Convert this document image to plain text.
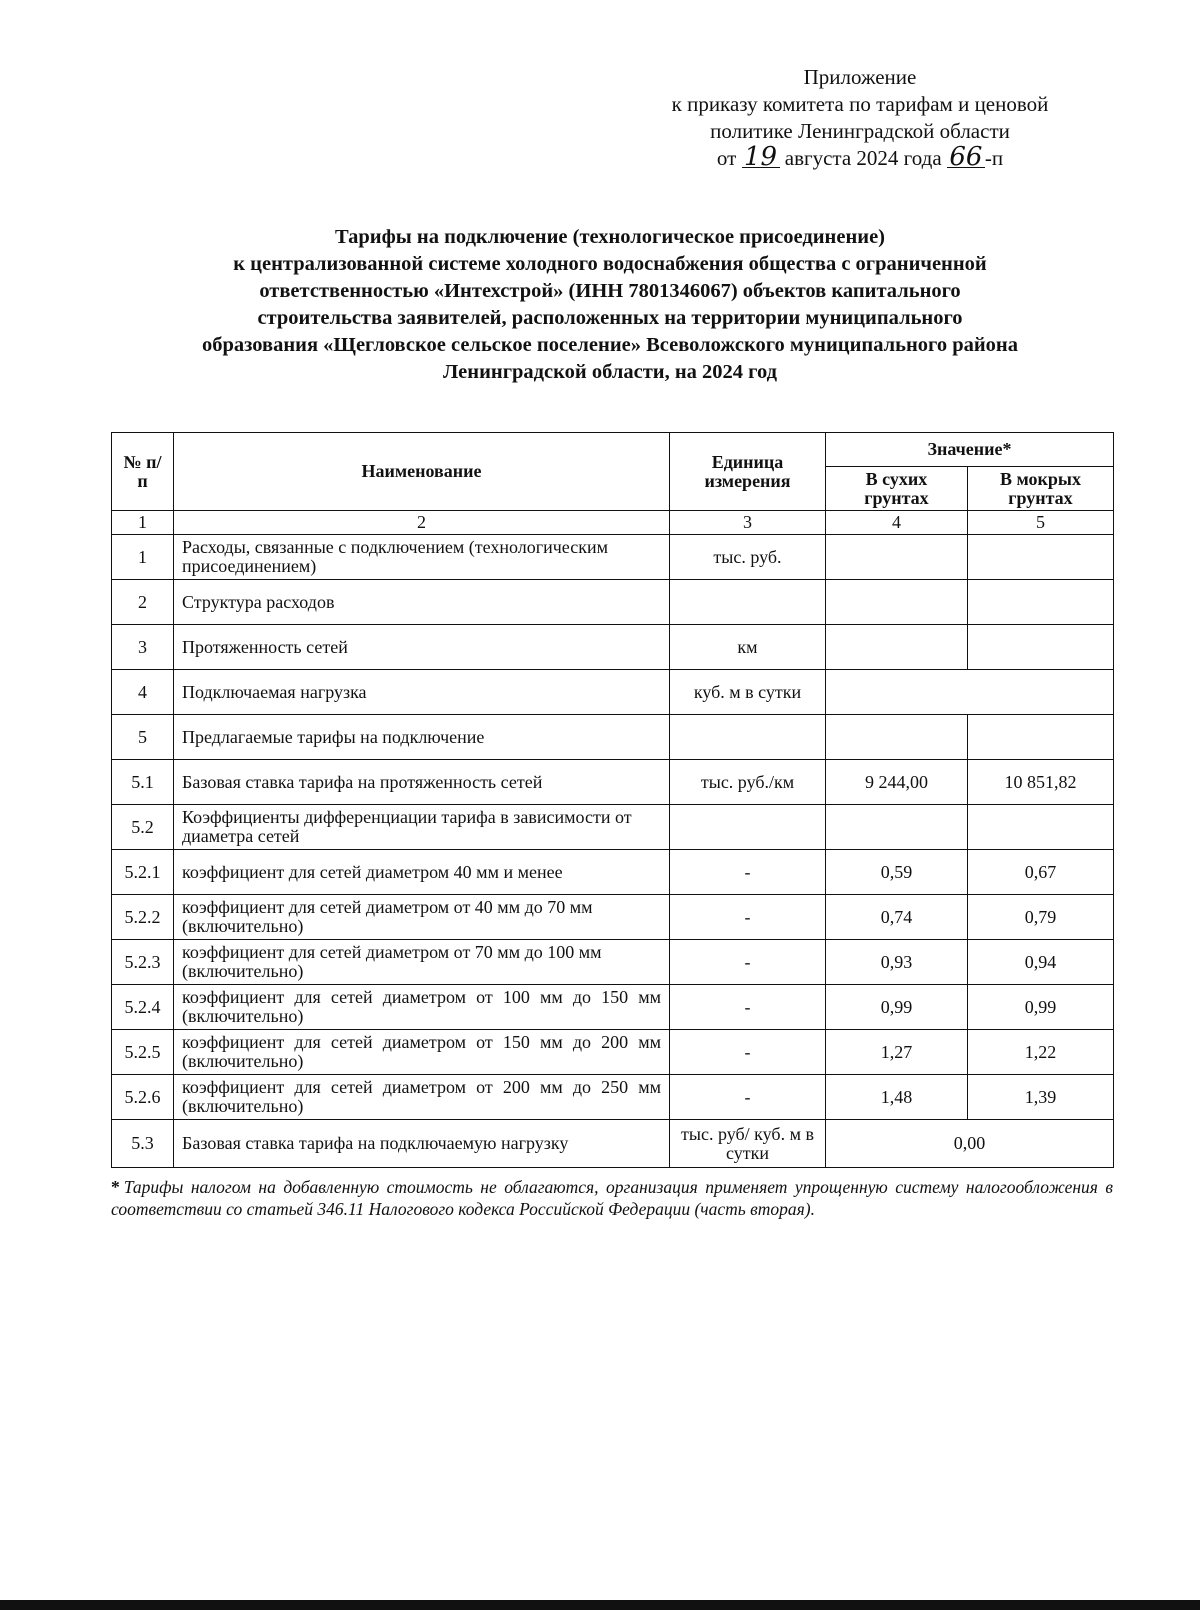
Приложение
к приказу комитета по тарифам и ценовой
политике Ленинградской области
от 19 августа 2024 года 66 -п
Тарифы на подключение (технологическое присоединение)
к централизованной системе холодного водоснабжения общества с ограниченной
ответственностью «Интехстрой» (ИНН 7801346067) объектов капитального
строительства заявителей, расположенных на территории муниципального
образования «Щегловское сельское поселение» Всеволожского муниципального района
Ленинградской области, на 2024 год
№ п/п	Наименование	Единица измерения	Значение*	
			В сухих грунтах	В мокрых грунтах
1	2	3	4	5
1	Расходы, связанные с подключением (технологическим присоединением)	тыс. руб.		
2	Структура расходов			
3	Протяженность сетей	км		
4	Подключаемая нагрузка	куб. м в сутки		
5	Предлагаемые тарифы на подключение			
5.1	Базовая ставка тарифа на протяженность сетей	тыс. руб./км	9 244,00	10 851,82
5.2	Коэффициенты дифференциации тарифа в зависимости от диаметра сетей			
5.2.1	коэффициент для сетей диаметром 40 мм и менее	-	0,59	0,67
5.2.2	коэффициент для сетей диаметром от 40 мм до 70 мм (включительно)	-	0,74	0,79
5.2.3	коэффициент для сетей диаметром от 70 мм до 100 мм (включительно)	-	0,93	0,94
5.2.4	коэффициент для сетей диаметром от 100 мм до 150 мм (включительно)	-	0,99	0,99
5.2.5	коэффициент для сетей диаметром от 150 мм до 200 мм (включительно)	-	1,27	1,22
5.2.6	коэффициент для сетей диаметром от 200 мм до 250 мм (включительно)	-	1,48	1,39
5.3	Базовая ставка тарифа на подключаемую нагрузку	тыс. руб/ куб. м в сутки	0,00	
* Тарифы налогом на добавленную стоимость не облагаются, организация применяет упрощенную систему налогообложения в соответствии со статьей 346.11 Налогового кодекса Российской Федерации (часть вторая).
